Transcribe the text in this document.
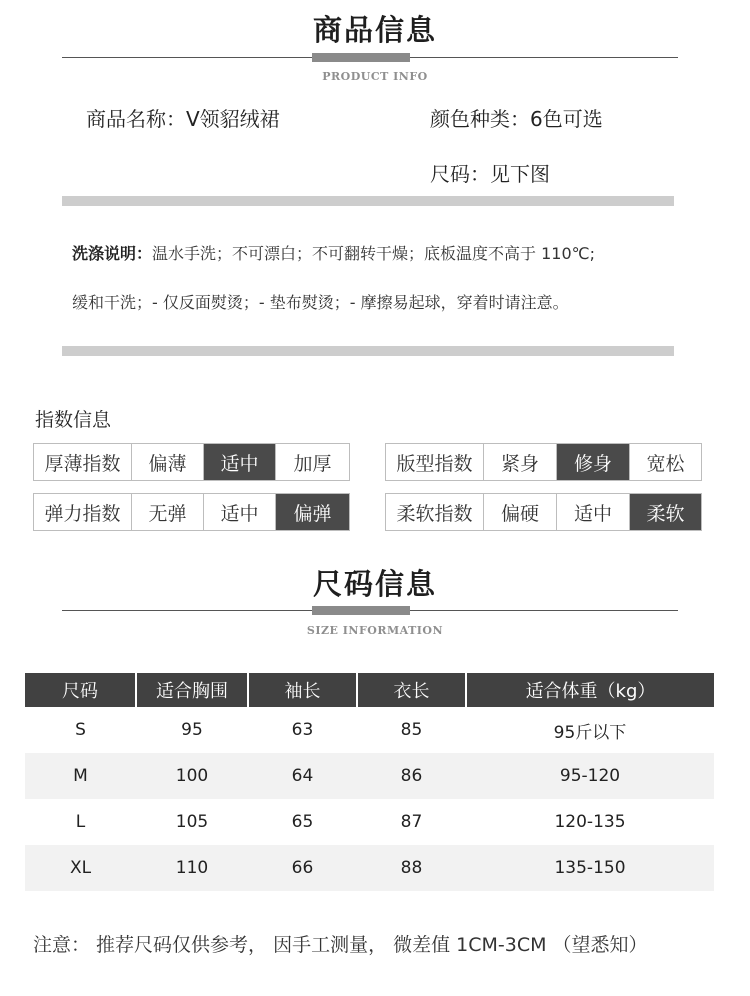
商品信息
PRODUCT INFO
商品名称：V领貂绒裙	颜色种类：6色可选
尺码：见下图
洗涤说明：温水手洗；不可漂白；不可翻转干燥；底板温度不高于 110℃;
缓和干洗；- 仅反面熨烫；- 垫布熨烫；- 摩擦易起球，穿着时请注意。
指数信息
厚薄指数	偏薄	适中	加厚	版型指数	紧身	修身	宽松
弹力指数	无弹	适中	偏弹	柔软指数	偏硬	适中	柔软
尺码信息
SIZE INFORMATION
尺码	适合胸围	袖长	衣长	适合体重（kg）
S	95	63	85	95斤以下
M	100	64	86	95-120
L	105	65	87	120-135
XL	110	66	88	135-150
注意： 推荐尺码仅供参考， 因手工测量， 微差值 1CM-3CM （望悉知）
